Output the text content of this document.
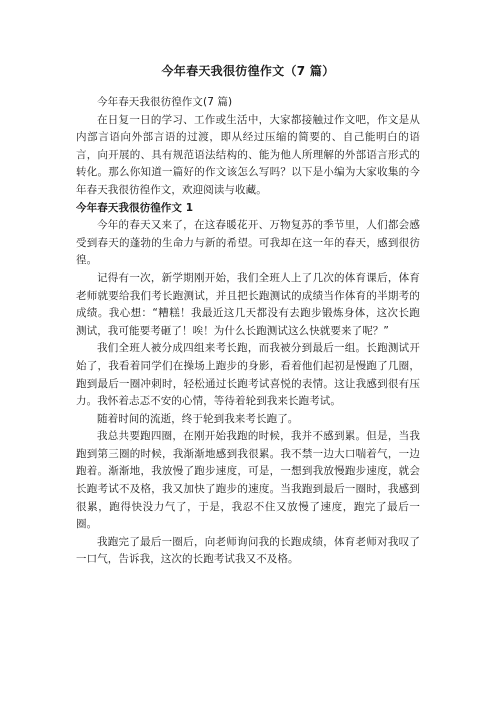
今年春天我很彷徨作文（7 篇）

今年春天我很彷徨作文(7 篇)

在日复一日的学习、工作或生活中，大家都接触过作文吧，作文是从内部言语向外部言语的过渡，即从经过压缩的简要的、自己能明白的语言，向开展的、具有规范语法结构的、能为他人所理解的外部语言形式的转化。那么你知道一篇好的作文该怎么写吗？以下是小编为大家收集的今年春天我很彷徨作文，欢迎阅读与收藏。

今年春天我很彷徨作文 1

今年的春天又来了，在这春暖花开、万物复苏的季节里，人们都会感受到春天的蓬勃的生命力与新的希望。可我却在这一年的春天，感到很彷徨。

记得有一次，新学期刚开始，我们全班人上了几次的体育课后，体育老师就要给我们考长跑测试，并且把长跑测试的成绩当作体育的半期考的成绩。我心想：“糟糕！我最近这几天都没有去跑步锻炼身体，这次长跑测试，我可能要考砸了！唉！为什么长跑测试这么快就要来了呢？”

我们全班人被分成四组来考长跑，而我被分到最后一组。长跑测试开始了，我看着同学们在操场上跑步的身影，看着他们起初是慢跑了几圈，跑到最后一圈冲刺时，轻松通过长跑考试喜悦的表情。这让我感到很有压力。我怀着忐忑不安的心情，等待着轮到我来长跑考试。

随着时间的流逝，终于轮到我来考长跑了。

我总共要跑四圈，在刚开始我跑的时候，我并不感到累。但是，当我跑到第三圈的时候，我渐渐地感到我很累。我不禁一边大口喘着气，一边跑着。渐渐地，我放慢了跑步速度，可是，一想到我放慢跑步速度，就会长跑考试不及格，我又加快了跑步的速度。当我跑到最后一圈时，我感到很累，跑得快没力气了，于是，我忍不住又放慢了速度，跑完了最后一圈。

我跑完了最后一圈后，向老师询问我的长跑成绩，体育老师对我叹了一口气，告诉我，这次的长跑考试我又不及格。
